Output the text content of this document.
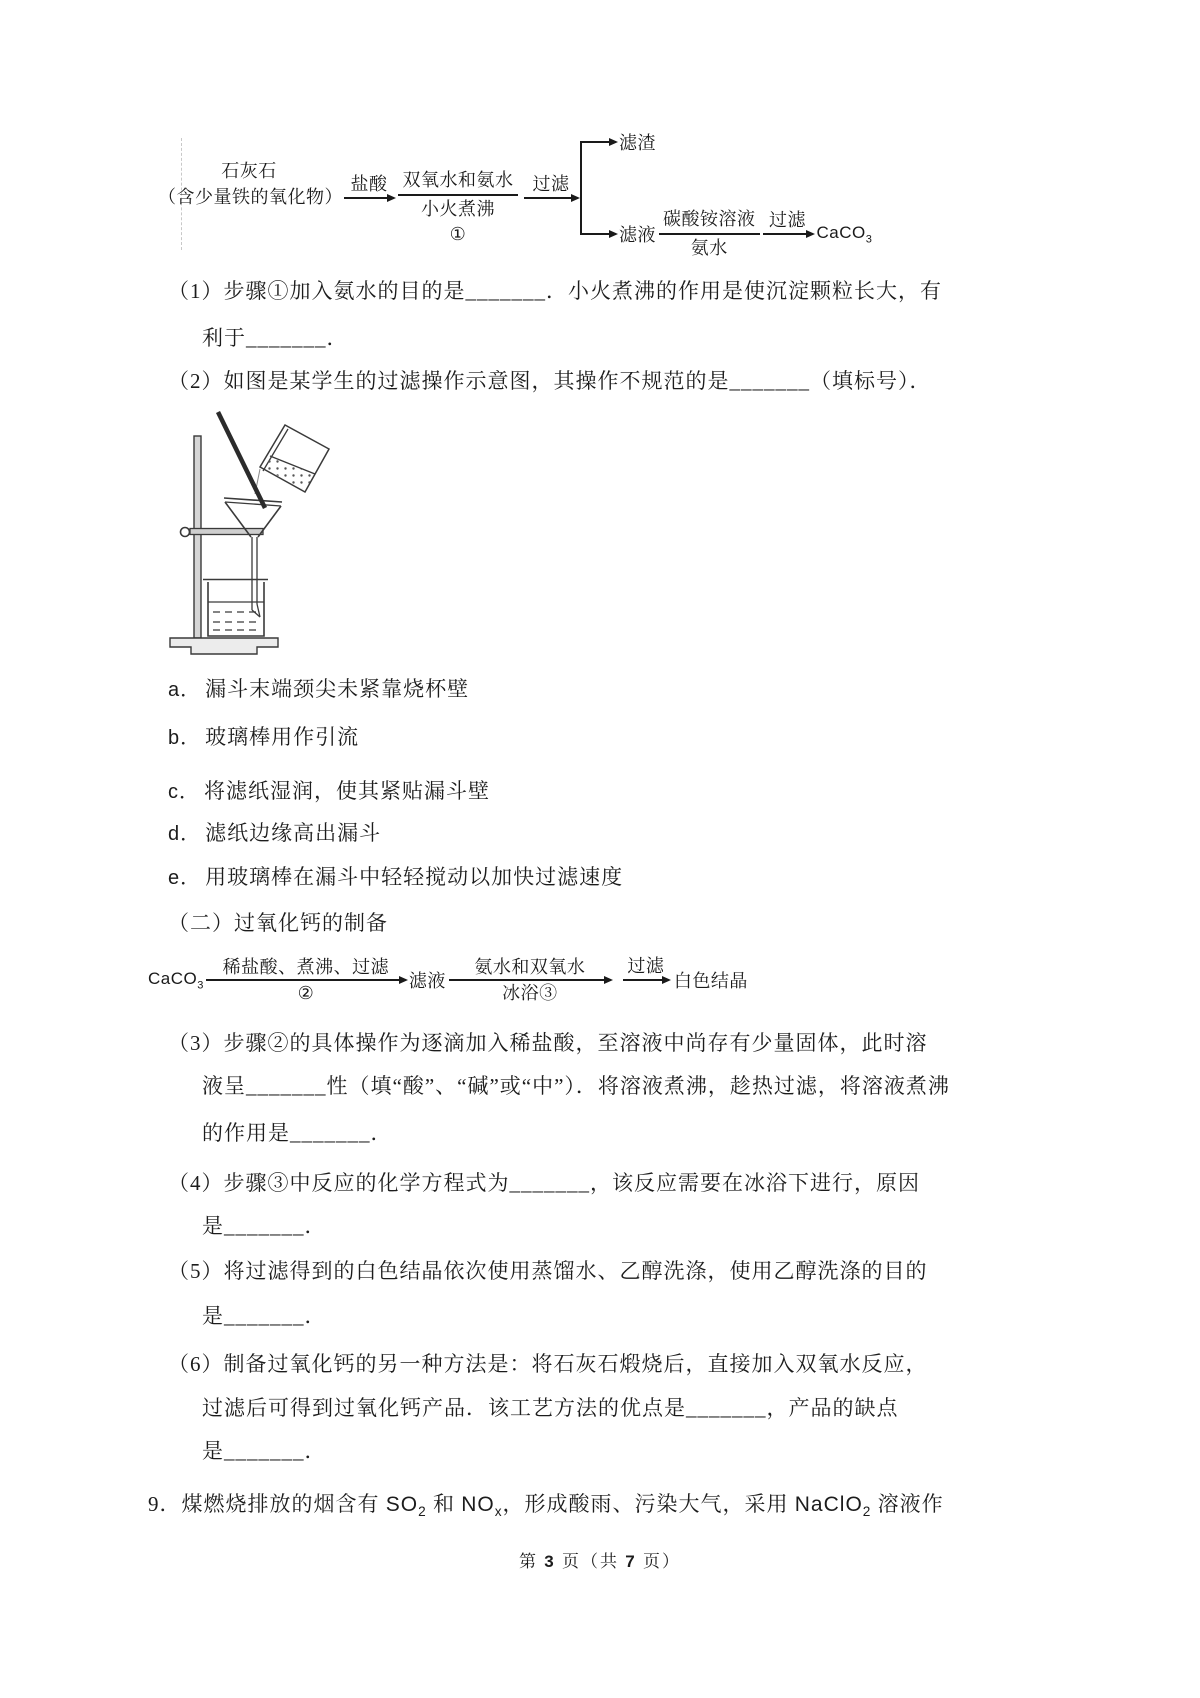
石灰石
（含少量铁的氧化物）
盐酸 双氧水和氨水
小火煮沸
①
过滤
滤渣
滤液 $\frac{\text{碳酸铵溶液}}{\text{氨水}}$ 过滤
CaCO$_3$
（1）步骤①加入氨水的目的是_______．小火煮沸的作用是使沉淀颗粒长大，有
利于_______．
（2）如图是某学生的过滤操作示意图，其操作不规范的是_______（填标号）．
a． 漏斗末端颈尖未紧靠烧杯壁
b． 玻璃棒用作引流
c． 将滤纸湿润，使其紧贴漏斗壁
d． 滤纸边缘高出漏斗
e． 用玻璃棒在漏斗中轻轻搅动以加快过滤速度
（二）过氧化钙的制备
CaCO$_3$
稀盐酸、煮沸、过滤
②
滤液
氨水和双氧水
冰浴③
过滤
白色结晶
（3）步骤②的具体操作为逐滴加入稀盐酸，至溶液中尚存有少量固体，此时溶
液呈_______性（填“酸”、“碱”或“中”）．将溶液煮沸，趁热过滤，将溶液煮沸
的作用是_______．
（4）步骤③中反应的化学方程式为_______，该反应需要在冰浴下进行，原因
是_______．
（5）将过滤得到的白色结晶依次使用蒸馏水、乙醇洗涤，使用乙醇洗涤的目的
是_______．
（6）制备过氧化钙的另一种方法是：将石灰石煅烧后，直接加入双氧水反应，
过滤后可得到过氧化钙产品．该工艺方法的优点是_______，产品的缺点
是_______．
9．煤燃烧排放的烟含有 $SO_2$ 和 $NO_x$，形成酸雨、污染大气，采用 NaClO$_2$ 溶液作
第 3 页（共 7 页）
